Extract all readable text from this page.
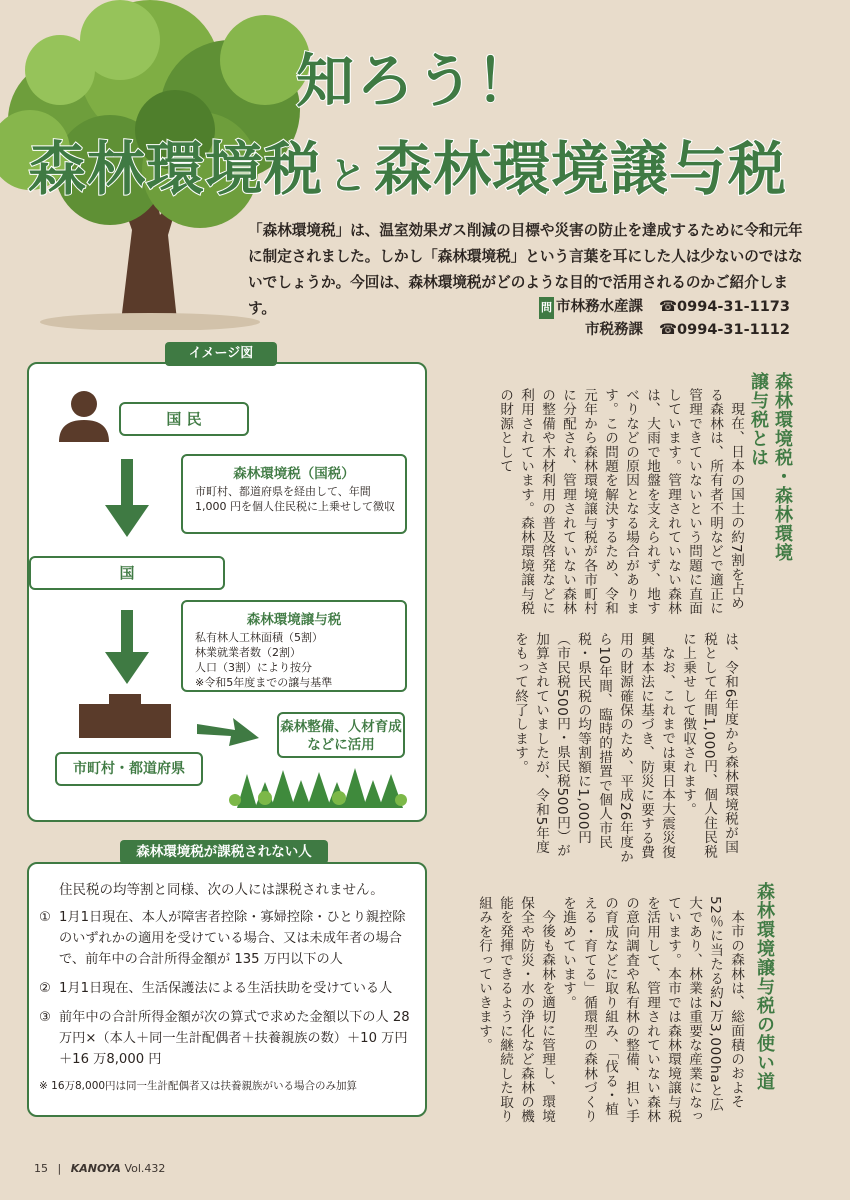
知ろう！
森林環境税 と 森林環境譲与税

「森林環境税」は、温室効果ガス削減の目標や災害の防止を達成するために令和元年に制定されました。しかし「森林環境税」という言葉を耳にした人は少ないのではないでしょうか。今回は、森林環境税がどのような目的で活用されるのかご紹介します。	問 市林務水産課 ☎0994-31-1173
市税務課 ☎0994-31-1112
国 民
森林環境税（国税）
市町村、都道府県を経由して、年間 1,000 円を個人住民税に上乗せして徴収
国
森林環境譲与税
私有林人工林面積（5割）
林業就業者数（2割）
人口（3割）により按分
※令和5年度までの譲与基準
森林整備、人材育成などに活用
市町村・都道府県
イメージ図
住民税の均等割と同様、次の人には課税されません。
① 1月1日現在、本人が障害者控除・寡婦控除・ひとり親控除のいずれかの適用を受けている場合、又は未成年者の場合で、前年中の合計所得金額が 135 万円以下の人
② 1月1日現在、生活保護法による生活扶助を受けている人
③ 前年中の合計所得金額が次の算式で求めた金額以下の人 28 万円×（本人＋同一生計配偶者＋扶養親族の数）＋10 万円＋16 万8,000 円
※ 16万8,000円は同一生計配偶者又は扶養親族がいる場合のみ加算
森林環境税が課税されない人
森林環境税・森林環境譲与税とは
現在、日本の国土の約7割を占める森林は、所有者不明などで適正に管理できていないという問題に直面しています。管理されていない森林は、大雨で地盤を支えられず、地すべりなどの原因となる場合があります。この問題を解決するため、令和元年から森林環境譲与税が各市町村に分配され、管理されていない森林の整備や木材利用の普及啓発などに利用されています。森林環境譲与税の財源として

は、令和6年度から森林環境税が国税として年間1,000円、個人住民税に上乗せして徴収されます。

なお、これまでは東日本大震災復興基本法に基づき、防災に要する費用の財源確保のため、平成26年度から10年間、臨時的措置で個人市民税・県民税の均等割額に1,000円（市民税500円・県民税500円）が加算されていましたが、令和5年度をもって終了します。

森林環境譲与税の使い道

本市の森林は、総面積のおよそ52％に当たる約2万3,000haと広大であり、林業は重要な産業になっています。本市では森林環境譲与税を活用して、管理されていない森林の意向調査や私有林の整備、担い手の育成などに取り組み、「伐る・植える・育てる」循環型の森林づくりを進めています。

今後も森林を適切に管理し、環境保全や防災・水の浄化など森林の機能を発揮できるように継続した取り組みを行っていきます。

15 | KANOYA Vol.432
